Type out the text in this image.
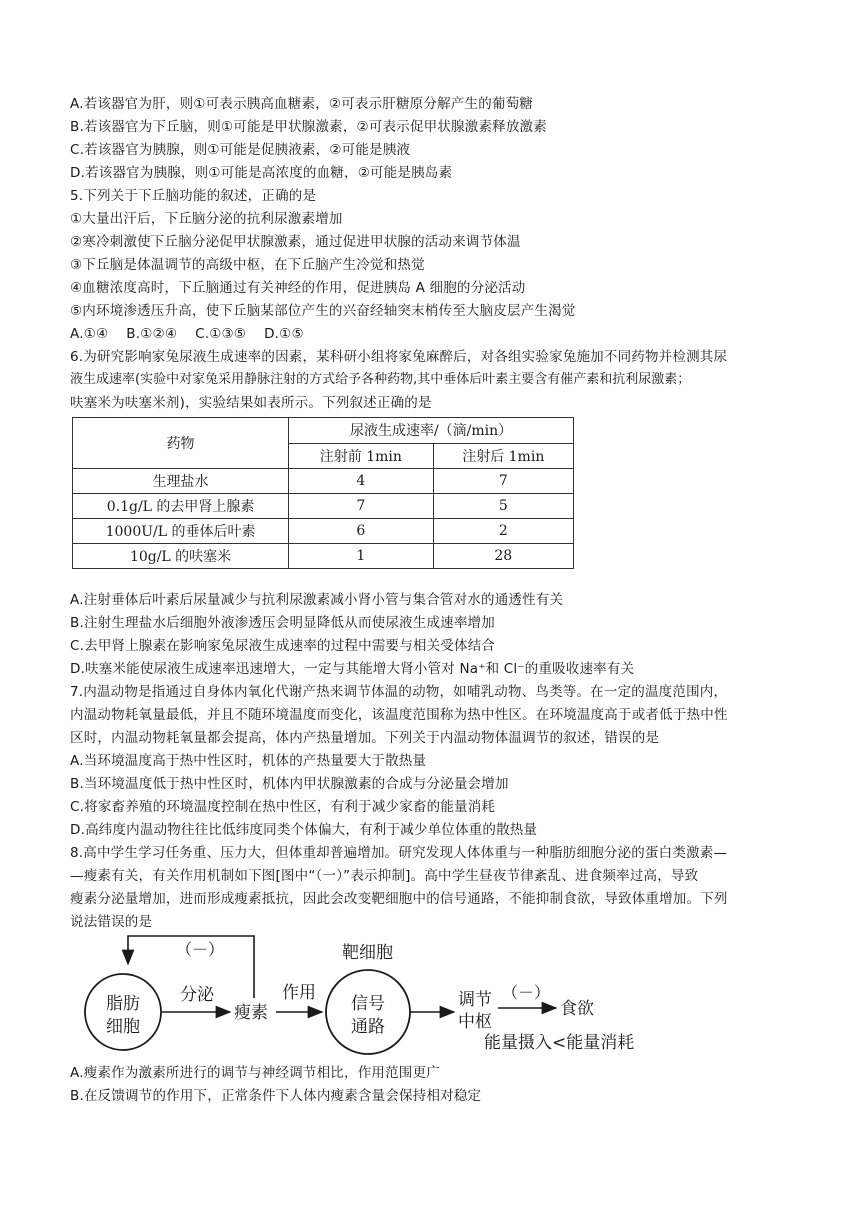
A.若该器官为肝，则①可表示胰高血糖素，②可表示肝糖原分解产生的葡萄糖
B.若该器官为下丘脑，则①可能是甲状腺激素，②可表示促甲状腺激素释放激素
C.若该器官为胰腺，则①可能是促胰液素，②可能是胰液
D.若该器官为胰腺，则①可能是高浓度的血糖，②可能是胰岛素
5.下列关于下丘脑功能的叙述，正确的是
①大量出汗后，下丘脑分泌的抗利尿激素增加
②寒冷刺激使下丘脑分泌促甲状腺激素，通过促进甲状腺的活动来调节体温
③下丘脑是体温调节的高级中枢，在下丘脑产生冷觉和热觉
④血糖浓度高时，下丘脑通过有关神经的作用，促进胰岛 A 细胞的分泌活动
⑤内环境渗透压升高，使下丘脑某部位产生的兴奋经轴突末梢传至大脑皮层产生渴觉
A.①④    B.①②④    C.①③⑤    D.①⑤
6.为研究影响家兔尿液生成速率的因素，某科研小组将家兔麻醉后，对各组实验家兔施加不同药物并检测其尿
液生成速率(实验中对家兔采用静脉注射的方式给予各种药物,其中垂体后叶素主要含有催产素和抗利尿激素；
呋塞米为呋塞米剂)，实验结果如表所示。下列叙述正确的是
药物	尿液生成速率/（滴/min）	
	注射前 1min	注射后 1min
生理盐水	4	7
0.1g/L 的去甲肾上腺素	7	5
1000U/L 的垂体后叶素	6	2
10g/L 的呋塞米	1	28
A.注射垂体后叶素后尿量减少与抗利尿激素减小肾小管与集合管对水的通透性有关
B.注射生理盐水后细胞外液渗透压会明显降低从而使尿液生成速率增加
C.去甲肾上腺素在影响家兔尿液生成速率的过程中需要与相关受体结合
D.呋塞米能使尿液生成速率迅速增大，一定与其能增大肾小管对 Na⁺和 Cl⁻的重吸收速率有关
7.内温动物是指通过自身体内氧化代谢产热来调节体温的动物，如哺乳动物、鸟类等。在一定的温度范围内，
内温动物耗氧量最低，并且不随环境温度而变化，该温度范围称为热中性区。在环境温度高于或者低于热中性
区时，内温动物耗氧量都会提高，体内产热量增加。下列关于内温动物体温调节的叙述，错误的是
A.当环境温度高于热中性区时，机体的产热量要大于散热量
B.当环境温度低于热中性区时，机体内甲状腺激素的合成与分泌量会增加
C.将家畜养殖的环境温度控制在热中性区，有利于减少家畜的能量消耗
D.高纬度内温动物往往比低纬度同类个体偏大，有利于减少单位体重的散热量
8.高中学生学习任务重、压力大，但体重却普遍增加。研究发现人体体重与一种脂肪细胞分泌的蛋白类激素—
—瘦素有关，有关作用机制如下图[图中“（一）”表示抑制]。高中学生昼夜节律紊乱、进食频率过高，导致
瘦素分泌量增加，进而形成瘦素抵抗，因此会改变靶细胞中的信号通路，不能抑制食欲，导致体重增加。下列
说法错误的是
（－）
脂肪
细胞
分泌
瘦素
作用
靶细胞
信号
通路
调节
中枢
（－）
食欲
能量摄入<能量消耗
A.瘦素作为激素所进行的调节与神经调节相比，作用范围更广
B.在反馈调节的作用下，正常条件下人体内瘦素含量会保持相对稳定
